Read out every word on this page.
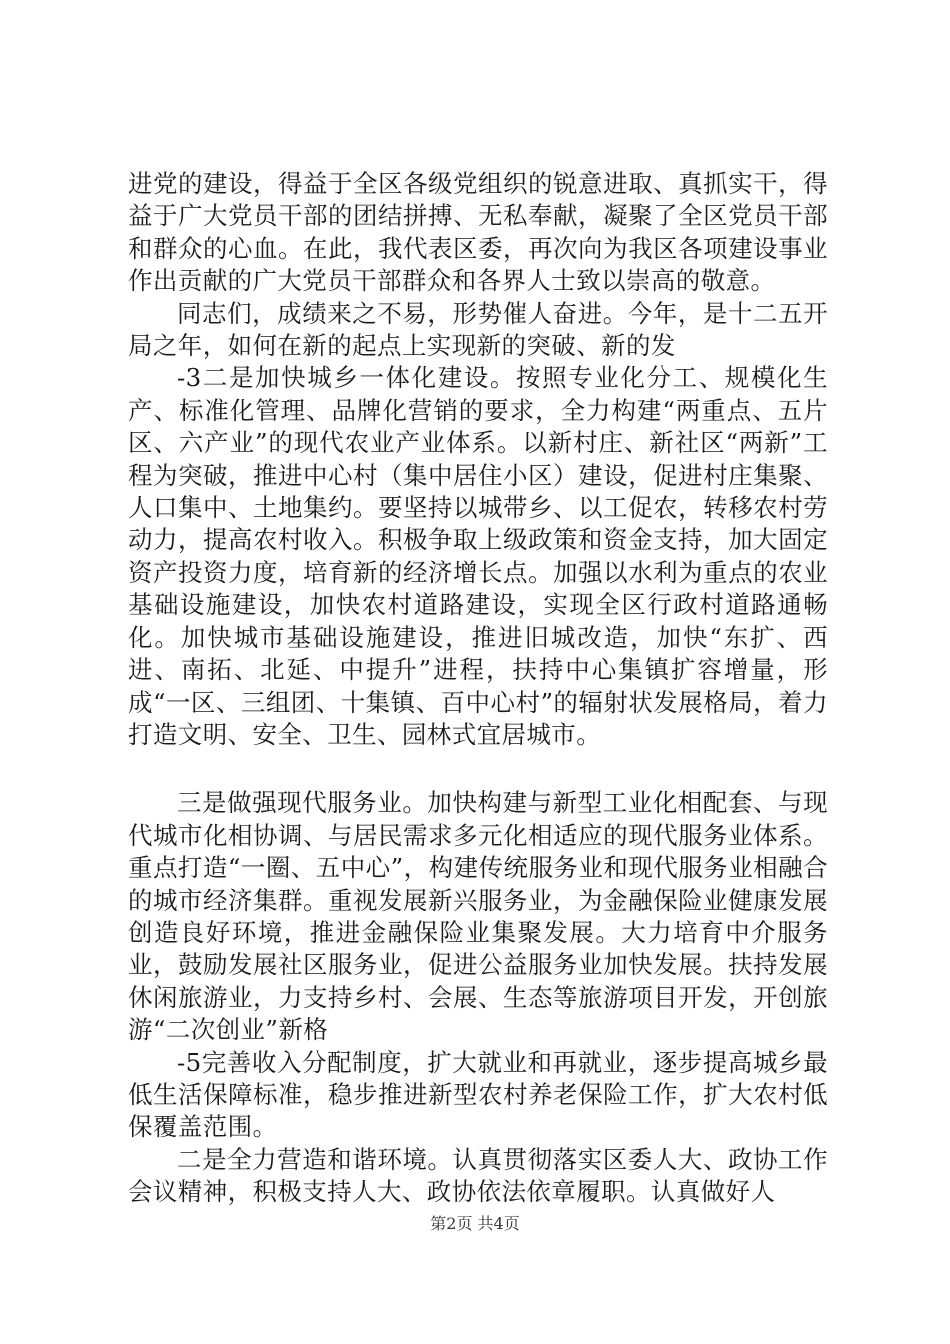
进党的建设，得益于全区各级党组织的锐意进取、真抓实干，得益于广大党员干部的团结拼搏、无私奉献，凝聚了全区党员干部和群众的心血。在此，我代表区委，再次向为我区各项建设事业作出贡献的广大党员干部群众和各界人士致以崇高的敬意。

同志们，成绩来之不易，形势催人奋进。今年，是十二五开局之年，如何在新的起点上实现新的突破、新的发

-3二是加快城乡一体化建设。按照专业化分工、规模化生产、标准化管理、品牌化营销的要求，全力构建“两重点、五片区、六产业”的现代农业产业体系。以新村庄、新社区“两新”工程为突破，推进中心村（集中居住小区）建设，促进村庄集聚、人口集中、土地集约。要坚持以城带乡、以工促农，转移农村劳动力，提高农村收入。积极争取上级政策和资金支持，加大固定资产投资力度，培育新的经济增长点。加强以水利为重点的农业基础设施建设，加快农村道路建设，实现全区行政村道路通畅化。加快城市基础设施建设，推进旧城改造，加快“东扩、西进、南拓、北延、中提升”进程，扶持中心集镇扩容增量，形成“一区、三组团、十集镇、百中心村”的辐射状发展格局，着力打造文明、安全、卫生、园林式宜居城市。

三是做强现代服务业。加快构建与新型工业化相配套、与现代城市化相协调、与居民需求多元化相适应的现代服务业体系。重点打造“一圈、五中心”，构建传统服务业和现代服务业相融合的城市经济集群。重视发展新兴服务业，为金融保险业健康发展创造良好环境，推进金融保险业集聚发展。大力培育中介服务业，鼓励发展社区服务业，促进公益服务业加快发展。扶持发展休闲旅游业，力支持乡村、会展、生态等旅游项目开发，开创旅游“二次创业”新格

-5完善收入分配制度，扩大就业和再就业，逐步提高城乡最低生活保障标准，稳步推进新型农村养老保险工作，扩大农村低保覆盖范围。

二是全力营造和谐环境。认真贯彻落实区委人大、政协工作会议精神，积极支持人大、政协依法依章履职。认真做好人

第2页 共4页
